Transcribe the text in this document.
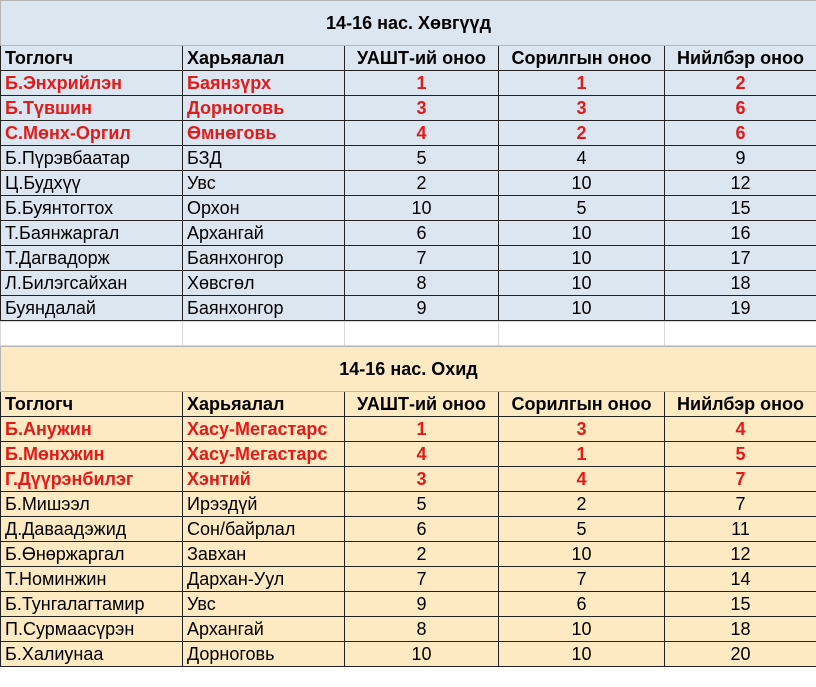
14-16 нас. Хөвгүүд				
Тоглогч	Харьяалал	УАШТ-ий оноо	Сорилгын оноо	Нийлбэр оноо
Б.Энхрийлэн	Баянзүрх	1	1	2
Б.Түвшин	Дорноговь	3	3	6
С.Мөнх-Оргил	Өмнөговь	4	2	6
Б.Пүрэвбаатар	БЗД	5	4	9
Ц.Будхүү	Увс	2	10	12
Б.Буянтогтох	Орхон	10	5	15
Т.Баянжаргал	Архангай	6	10	16
Т.Дагвадорж	Баянхонгор	7	10	17
Л.Билэгсайхан	Хөвсгөл	8	10	18
Буяндалай	Баянхонгор	9	10	19

14-16 нас. Охид				
Тоглогч	Харьяалал	УАШТ-ий оноо	Сорилгын оноо	Нийлбэр оноо
Б.Анужин	Хасу-Мегастарс	1	3	4
Б.Мөнхжин	Хасу-Мегастарс	4	1	5
Г.Дүүрэнбилэг	Хэнтий	3	4	7
Б.Мишээл	Ирээдүй	5	2	7
Д.Даваадэжид	Сон/байрлал	6	5	11
Б.Өнөржаргал	Завхан	2	10	12
Т.Номинжин	Дархан-Уул	7	7	14
Б.Тунгалагтамир	Увс	9	6	15
П.Сурмаасүрэн	Архангай	8	10	18
Б.Халиунаа	Дорноговь	10	10	20
